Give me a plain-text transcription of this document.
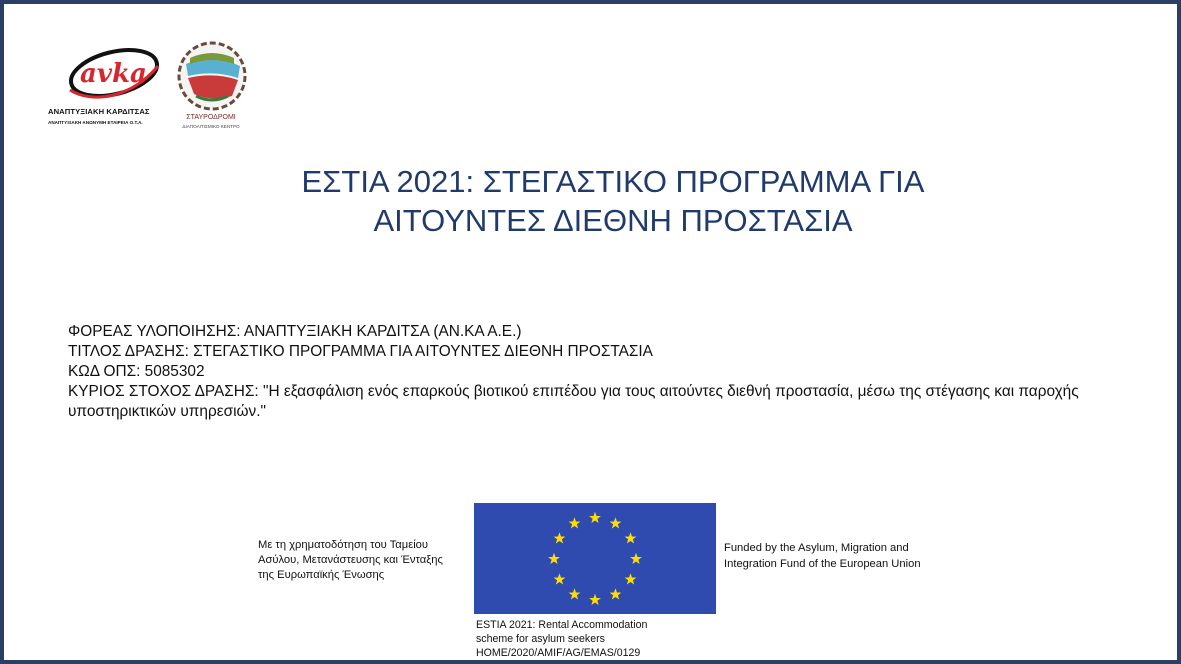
avka
ΑΝΑΠΤΥΞΙΑΚΗ ΚΑΡΔΙΤΣΑΣ
ΑΝΑΠΤΥΞΙΑΚΗ ΑΝΩΝΥΜΗ ΕΤΑΙΡΕΙΑ Ο.Τ.Α.
ΣΤΑΥΡΟΔΡΟΜΙ
ΔΙΑΠΟΛΙΤΙΣΜΙΚΟ ΚΕΝΤΡΟ
ΕΣΤΙΑ 2021: ΣΤΕΓΑΣΤΙΚΟ ΠΡΟΓΡΑΜΜΑ ΓΙΑ
ΑΙΤΟΥΝΤΕΣ ΔΙΕΘΝΗ ΠΡΟΣΤΑΣΙΑ
ΦΟΡΕΑΣ ΥΛΟΠΟΙΗΣΗΣ: ΑΝΑΠΤΥΞΙΑΚΗ ΚΑΡΔΙΤΣΑ (ΑΝ.ΚΑ Α.Ε.)
ΤΙΤΛΟΣ ΔΡΑΣΗΣ: ΣΤΕΓΑΣΤΙΚΟ ΠΡΟΓΡΑΜΜΑ ΓΙΑ ΑΙΤΟΥΝΤΕΣ ΔΙΕΘΝΗ ΠΡΟΣΤΑΣΙΑ
ΚΩΔ ΟΠΣ: 5085302
ΚΥΡΙΟΣ ΣΤΟΧΟΣ ΔΡΑΣΗΣ: "Η εξασφάλιση ενός επαρκούς βιοτικού επιπέδου για τους αιτούντες διεθνή προστασία, μέσω της στέγασης και παροχής υποστηρικτικών υπηρεσιών."
Με τη χρηματοδότηση του Ταμείου
Ασύλου, Μετανάστευσης και Ένταξης
της Ευρωπαϊκής Ένωσης
Funded by the Asylum, Migration and
Integration Fund of the European Union
ESTIA 2021: Rental Accommodation
scheme for asylum seekers
HOME/2020/AMIF/AG/EMAS/0129
